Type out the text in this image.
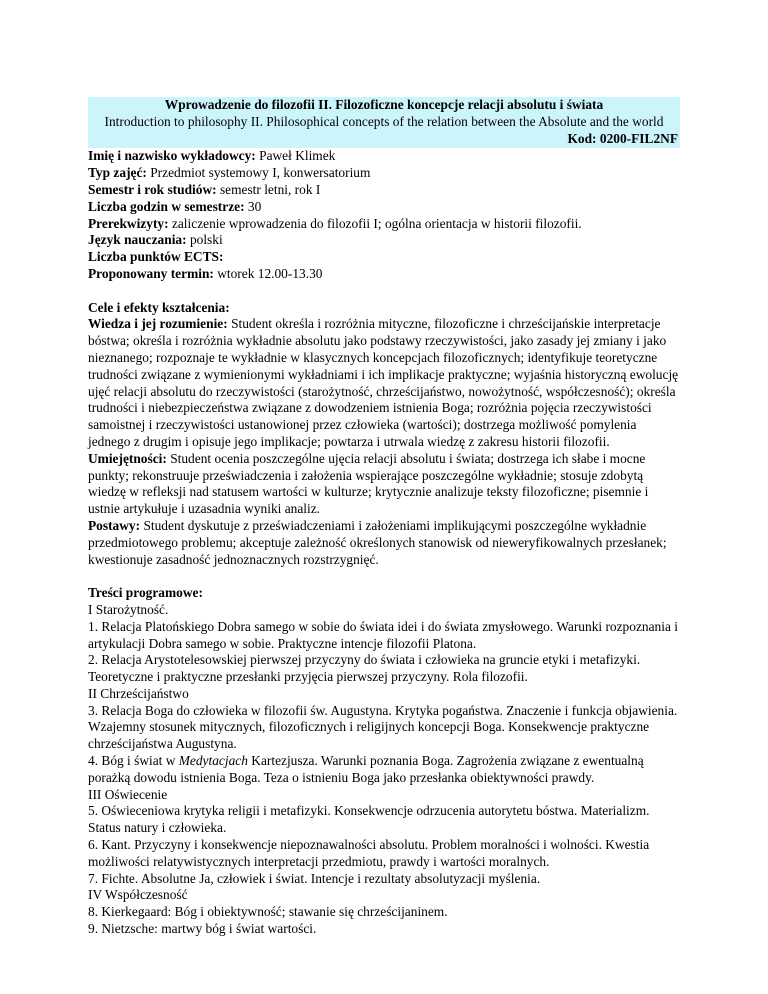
Wprowadzenie do filozofii II. Filozoficzne koncepcje relacji absolutu i świata
Introduction to philosophy II. Philosophical concepts of the relation between the Absolute and the world
Kod: 0200-FIL2NF
Imię i nazwisko wykładowcy: Paweł Klimek
Typ zajęć: Przedmiot systemowy I, konwersatorium
Semestr i rok studiów: semestr letni, rok I
Liczba godzin w semestrze: 30
Prerekwizyty: zaliczenie wprowadzenia do filozofii I; ogólna orientacja w historii filozofii.
Język nauczania: polski
Liczba punktów ECTS:
Proponowany termin: wtorek 12.00-13.30

Cele i efekty kształcenia:

Wiedza i jej rozumienie: Student określa i rozróżnia mityczne, filozoficzne i chrześcijańskie interpretacje bóstwa; określa i rozróżnia wykładnie absolutu jako podstawy rzeczywistości, jako zasady jej zmiany i jako nieznanego; rozpoznaje te wykładnie w klasycznych koncepcjach filozoficznych; identyfikuje teoretyczne trudności związane z wymienionymi wykładniami i ich implikacje praktyczne; wyjaśnia historyczną ewolucję ujęć relacji absolutu do rzeczywistości (starożytność, chrześcijaństwo, nowożytność, współczesność); określa trudności i niebezpieczeństwa związane z dowodzeniem istnienia Boga; rozróżnia pojęcia rzeczywistości samoistnej i rzeczywistości ustanowionej przez człowieka (wartości); dostrzega możliwość pomylenia jednego z drugim i opisuje jego implikacje; powtarza i utrwala wiedzę z zakresu historii filozofii.

Umiejętności: Student ocenia poszczególne ujęcia relacji absolutu i świata; dostrzega ich słabe i mocne punkty; rekonstruuje przeświadczenia i założenia wspierające poszczególne wykładnie; stosuje zdobytą wiedzę w refleksji nad statusem wartości w kulturze; krytycznie analizuje teksty filozoficzne; pisemnie i ustnie artykułuje i uzasadnia wyniki analiz.

Postawy: Student dyskutuje z przeświadczeniami i założeniami implikującymi poszczególne wykładnie przedmiotowego problemu; akceptuje zależność określonych stanowisk od nieweryfikowalnych przesłanek; kwestionuje zasadność jednoznacznych rozstrzygnięć.

Treści programowe:

I Starożytność.

1. Relacja Platońskiego Dobra samego w sobie do świata idei i do świata zmysłowego. Warunki rozpoznania i artykulacji Dobra samego w sobie. Praktyczne intencje filozofii Platona.

2. Relacja Arystotelesowskiej pierwszej przyczyny do świata i człowieka na gruncie etyki i metafizyki. Teoretyczne i praktyczne przesłanki przyjęcia pierwszej przyczyny. Rola filozofii.

II Chrześcijaństwo

3. Relacja Boga do człowieka w filozofii św. Augustyna. Krytyka pogaństwa. Znaczenie i funkcja objawienia. Wzajemny stosunek mitycznych, filozoficznych i religijnych koncepcji Boga. Konsekwencje praktyczne chrześcijaństwa Augustyna.

4. Bóg i świat w Medytacjach Kartezjusza. Warunki poznania Boga. Zagrożenia związane z ewentualną porażką dowodu istnienia Boga. Teza o istnieniu Boga jako przesłanka obiektywności prawdy.

III Oświecenie

5. Oświeceniowa krytyka religii i metafizyki. Konsekwencje odrzucenia autorytetu bóstwa. Materializm. Status natury i człowieka.

6. Kant. Przyczyny i konsekwencje niepoznawalności absolutu. Problem moralności i wolności. Kwestia możliwości relatywistycznych interpretacji przedmiotu, prawdy i wartości moralnych.

7. Fichte. Absolutne Ja, człowiek i świat. Intencje i rezultaty absolutyzacji myślenia.

IV Współczesność

8. Kierkegaard: Bóg i obiektywność; stawanie się chrześcijaninem.

9. Nietzsche: martwy bóg i świat wartości.
